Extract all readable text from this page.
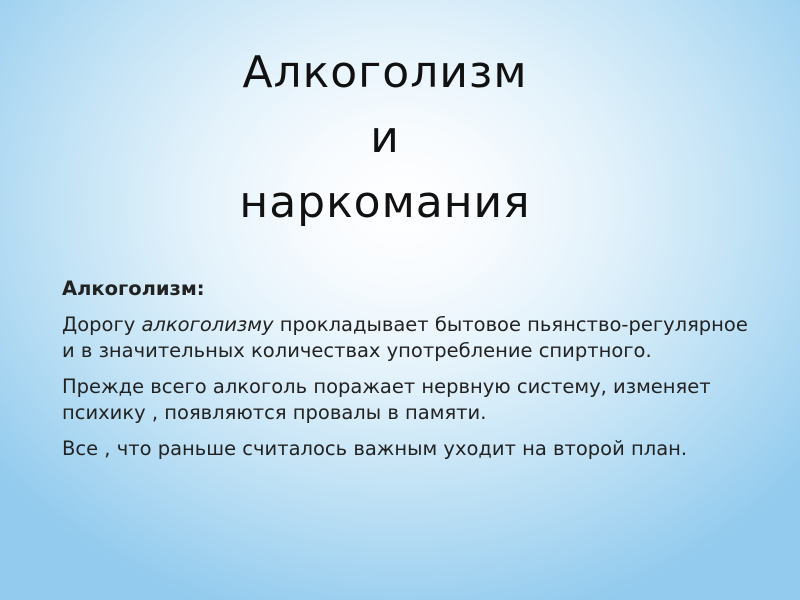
Алкоголизм
и
наркомания
Алкоголизм:
Дорогу алкоголизму прокладывает бытовое пьянство-регулярное и в значительных количествах употребление спиртного.
Прежде всего алкоголь поражает нервную систему, изменяет психику , появляются провалы в памяти.
Все , что раньше считалось важным уходит на второй план.
